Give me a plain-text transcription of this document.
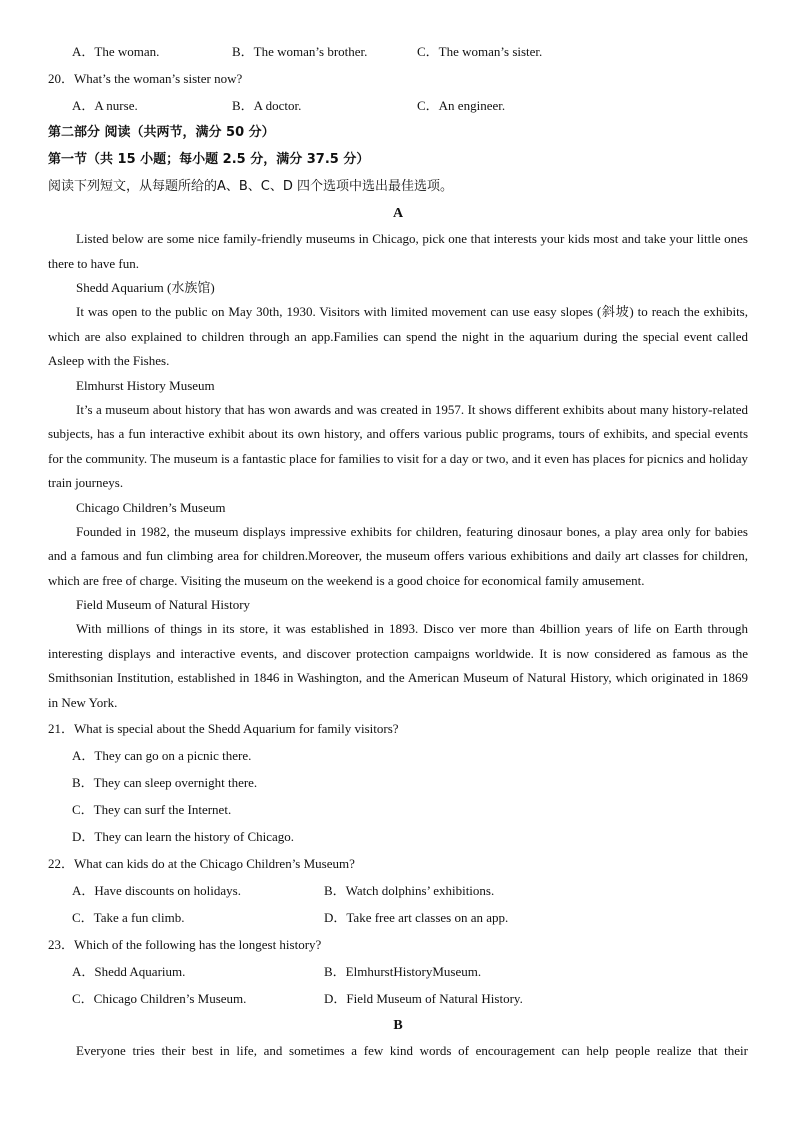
A．The woman.	B．The woman’s brother.	C．The woman’s sister.
20．What’s the woman’s sister now?
A．A nurse.	B．A doctor.	C．An engineer.
第二部分 阅读（共两节，满分 50 分）
第一节（共 15 小题；每小题 2.5 分，满分 37.5 分）
阅读下列短文，从每题所给的A、B、C、D 四个选项中选出最佳选项。
A

Listed below are some nice family-friendly museums in Chicago, pick one that interests your kids most and take your little ones there to have fun.

Shedd Aquarium (水族馆)

It was open to the public on May 30th, 1930. Visitors with limited movement can use easy slopes (斜坡) to reach the exhibits, which are also explained to children through an app.Families can spend the night in the aquarium during the special event called Asleep with the Fishes.

Elmhurst History Museum

It’s a museum about history that has won awards and was created in 1957. It shows different exhibits about many history-related subjects, has a fun interactive exhibit about its own history, and offers various public programs, tours of exhibits, and special events for the community. The museum is a fantastic place for families to visit for a day or two, and it even has places for picnics and holiday train journeys.

Chicago Children’s Museum

Founded in 1982, the museum displays impressive exhibits for children, featuring dinosaur bones, a play area only for babies and a famous and fun climbing area for children.Moreover, the museum offers various exhibitions and daily art classes for children, which are free of charge. Visiting the museum on the weekend is a good choice for economical family amusement.

Field Museum of Natural History

With millions of things in its store, it was established in 1893. Disco ver more than 4billion years of life on Earth through interesting displays and interactive events, and discover protection campaigns worldwide. It is now considered as famous as the Smithsonian Institution, established in 1846 in Washington, and the American Museum of Natural History, which originated in 1869 in New York.

21．What is special about the Shedd Aquarium for family visitors?
A．They can go on a picnic there.
B．They can sleep overnight there.
C．They can surf the Internet.
D．They can learn the history of Chicago.
22．What can kids do at the Chicago Children’s Museum?
A．Have discounts on holidays.	B．Watch dolphins’ exhibitions.
C．Take a fun climb.	D．Take free art classes on an app.
23．Which of the following has the longest history?
A．Shedd Aquarium.	B．ElmhurstHistoryMuseum.
C．Chicago Children’s Museum.	D．Field Museum of Natural History.
B

Everyone tries their best in life, and sometimes a few kind words of encouragement can help people realize that their
